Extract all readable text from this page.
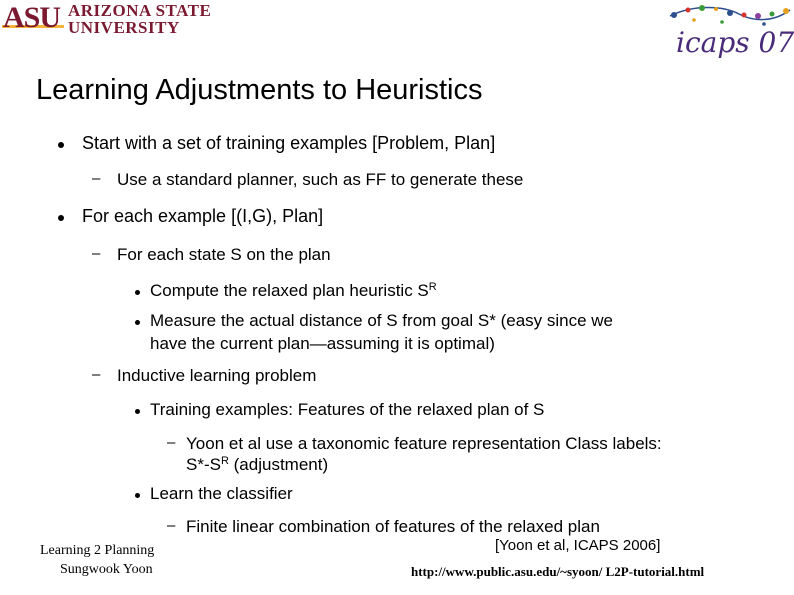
ASU ARIZONA STATE
UNIVERSITY	icaps 07
Learning Adjustments to Heuristics
Start with a set of training examples [Problem, Plan]
– Use a standard planner, such as FF to generate these
For each example [(I,G), Plan]
– For each state S on the plan
Compute the relaxed plan heuristic $S^R$
Measure the actual distance of S from goal S* (easy since we
have the current plan—assuming it is optimal)
– Inductive learning problem
Training examples: Features of the relaxed plan of S
– Yoon et al use a taxonomic feature representation Class labels:
$S*-S^R$ (adjustment)
Learn the classifier
– Finite linear combination of features of the relaxed plan
Learning 2 Planning
Sungwook Yoon
[Yoon et al, ICAPS 2006]
http://www.public.asu.edu/~syoon/ L2P-tutorial.html
